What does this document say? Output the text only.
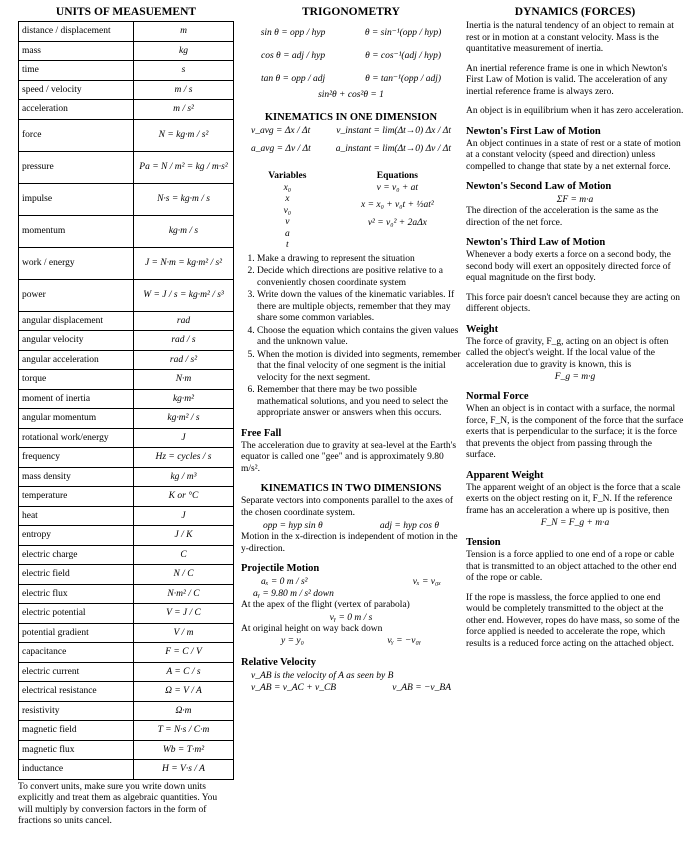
UNITS OF MEASUEMENT
distance / displacement	m
mass	kg
time	s
speed / velocity	m / s
acceleration	m / s²
force	N = kg·m / s²
pressure	Pa = N / m² = kg / m·s²
impulse	N·s = kg·m / s
momentum	kg·m / s
work / energy	J = N·m = kg·m² / s²
power	W = J / s = kg·m² / s³
angular displacement	rad
angular velocity	rad / s
angular acceleration	rad / s²
torque	N·m
moment of inertia	kg·m²
angular momentum	kg·m² / s
rotational work/energy	J
frequency	Hz = cycles / s
mass density	kg / m³
temperature	K or °C
heat	J
entropy	J / K
electric charge	C
electric field	N / C
electric flux	N·m² / C
electric potential	V = J / C
potential gradient	V / m
capacitance	F = C / V
electric current	A = C / s
electrical resistance	Ω = V / A
resistivity	Ω·m
magnetic field	T = N·s / C·m
magnetic flux	Wb = T·m²
inductance	H = V·s / A
To convert units, make sure you write down units explicitly and treat them as algebraic quantities. You will multiply by conversion factors in the form of fractions so units cancel.
TRIGONOMETRY
sin θ = opp / hyp	θ = sin⁻¹(opp / hyp)
cos θ = adj / hyp	θ = cos⁻¹(adj / hyp)
tan θ = opp / adj	θ = tan⁻¹(opp / adj)
sin²θ + cos²θ = 1
KINEMATICS IN ONE DIMENSION
v_avg = Δx / Δt	v_instant = lim(Δt→0) Δx / Δt
a_avg = Δv / Δt	a_instant = lim(Δt→0) Δv / Δt
Variables
x₀
x
v₀
v
a
t
Equations
v = v₀ + at
x = x₀ + v₀t + ½at²
v² = v₀² + 2aΔx
1. Make a drawing to represent the situation
2. Decide which directions are positive relative to a conveniently chosen coordinate system
3. Write down the values of the kinematic variables. If there are multiple objects, remember that they may share some common variables.
4. Choose the equation which contains the given values and the unknown value.
5. When the motion is divided into segments, remember that the final velocity of one segment is the initial velocity for the next segment.
6. Remember that there may be two possible mathematical solutions, and you need to select the appropriate answer or answers when this occurs.
Free Fall
The acceleration due to gravity at sea-level at the Earth's equator is called one "gee" and is approximately 9.80 m/s².
KINEMATICS IN TWO DIMENSIONS
Separate vectors into components parallel to the axes of the chosen coordinate system.
opp = hyp sin θ	adj = hyp cos θ
Motion in the x-direction is independent of motion in the y-direction.
Projectile Motion
aₓ = 0 m / s²	vₓ = v₀ₓ
aᵧ = 9.80 m / s² down
At the apex of the flight (vertex of parabola)
vᵧ = 0 m / s
At original height on way back down
y = y₀	vᵧ = −v₀ᵧ
Relative Velocity
v_AB is the velocity of A as seen by B
v_AB = v_AC + v_CB	v_AB = −v_BA
DYNAMICS (FORCES)
Inertia is the natural tendency of an object to remain at rest or in motion at a constant velocity. Mass is the quantitative measurement of inertia.
An inertial reference frame is one in which Newton's First Law of Motion is valid. The acceleration of any inertial reference frame is always zero.
An object is in equilibrium when it has zero acceleration.
Newton's First Law of Motion
An object continues in a state of rest or a state of motion at a constant velocity (speed and direction) unless compelled to change that state by a net external force.
Newton's Second Law of Motion
ΣF = m·a
The direction of the acceleration is the same as the direction of the net force.
Newton's Third Law of Motion
Whenever a body exerts a force on a second body, the second body will exert an oppositely directed force of equal magnitude on the first body.
This force pair doesn't cancel because they are acting on different objects.
Weight
The force of gravity, F_g, acting on an object is often called the object's weight. If the local value of the acceleration due to gravity is known, this is
F_g = m·g
Normal Force
When an object is in contact with a surface, the normal force, F_N, is the component of the force that the surface exerts that is perpendicular to the surface; it is the force that prevents the object from passing through the surface.
Apparent Weight
The apparent weight of an object is the force that a scale exerts on the object resting on it, F_N. If the reference frame has an acceleration a where up is positive, then
F_N = F_g + m·a
Tension
Tension is a force applied to one end of a rope or cable that is transmitted to an object attached to the other end of the rope or cable.
If the rope is massless, the force applied to one end would be completely transmitted to the object at the other end. However, ropes do have mass, so some of the force applied is needed to accelerate the rope, which results is a reduced force acting on the attached object.
